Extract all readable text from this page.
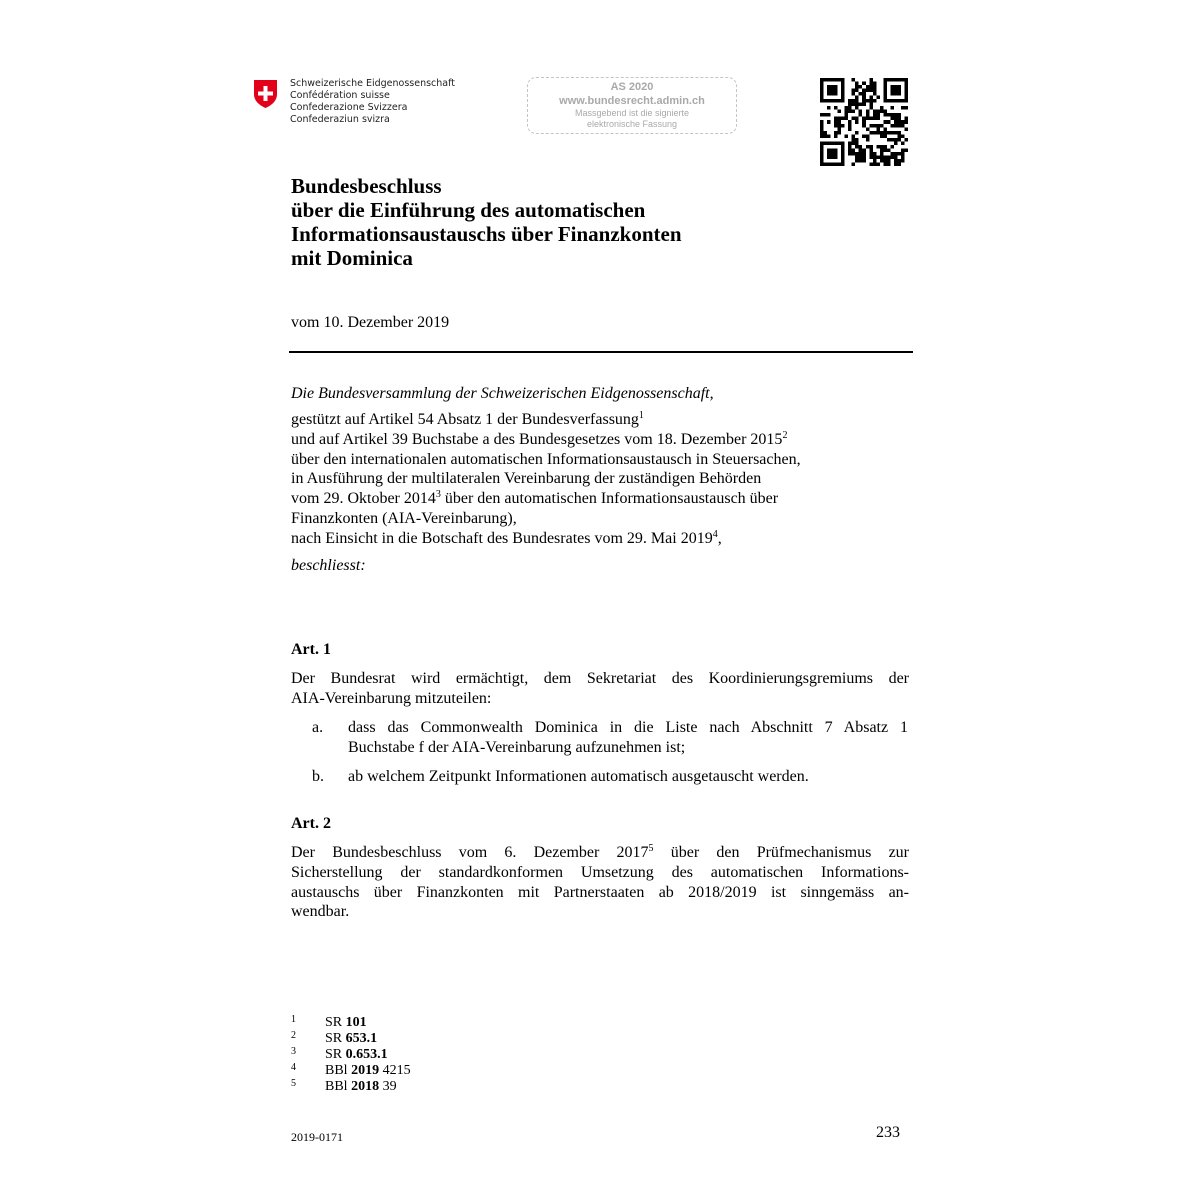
Schweizerische Eidgenossenschaft
Confédération suisse
Confederazione Svizzera
Confederaziun svizra
AS 2020
www.bundesrecht.admin.ch
Massgebend ist die signierte
elektronische Fassung
Bundesbeschluss
über die Einführung des automatischen
Informationsaustauschs über Finanzkonten
mit Dominica
vom 10. Dezember 2019
Die Bundesversammlung der Schweizerischen Eidgenossenschaft,
gestützt auf Artikel 54 Absatz 1 der Bundesverfassung$^1$
und auf Artikel 39 Buchstabe a des Bundesgesetzes vom 18. Dezember 2015$^2$
über den internationalen automatischen Informationsaustausch in Steuersachen,
in Ausführung der multilateralen Vereinbarung der zuständigen Behörden
vom 29. Oktober 2014$^3$ über den automatischen Informationsaustausch über
Finanzkonten (AIA-Vereinbarung),
nach Einsicht in die Botschaft des Bundesrates vom 29. Mai 2019$^4$,
beschliesst:
Art. 1
Der Bundesrat wird ermächtigt, dem Sekretariat des Koordinierungsgremiums der
AIA-Vereinbarung mitzuteilen:
a. dass das Commonwealth Dominica in die Liste nach Abschnitt 7 Absatz 1
Buchstabe f der AIA-Vereinbarung aufzunehmen ist;
b. ab welchem Zeitpunkt Informationen automatisch ausgetauscht werden.
Art. 2
Der Bundesbeschluss vom 6. Dezember 2017$^5$ über den Prüfmechanismus zur
Sicherstellung der standardkonformen Umsetzung des automatischen Informations-
austauschs über Finanzkonten mit Partnerstaaten ab 2018/2019 ist sinngemäss an-
wendbar.
1 SR 101
2 SR 653.1
3 SR 0.653.1
4 BBl 2019 4215
5 BBl 2018 39
2019-0171	233
